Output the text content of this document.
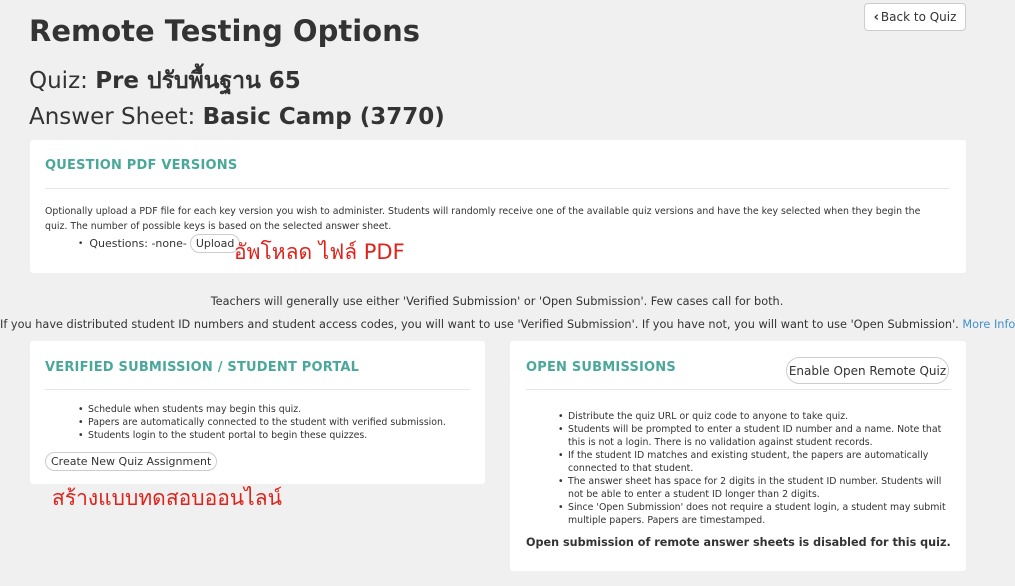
‹ Back to Quiz
Remote Testing Options
Quiz: Pre ปรับพื้นฐาน 65
Answer Sheet: Basic Camp (3770)
QUESTION PDF VERSIONS
Optionally upload a PDF file for each key version you wish to administer. Students will randomly receive one of the available quiz versions and have the key selected when they begin the quiz. The number of possible keys is based on the selected answer sheet.
• Questions: -none- Upload อัพโหลด ไฟล์ PDF
Teachers will generally use either 'Verified Submission' or 'Open Submission'. Few cases call for both.
If you have distributed student ID numbers and student access codes, you will want to use 'Verified Submission'. If you have not, you will want to use 'Open Submission'. More Info
VERIFIED SUBMISSION / STUDENT PORTAL
• Schedule when students may begin this quiz.
• Papers are automatically connected to the student with verified submission.
• Students login to the student portal to begin these quizzes.
Create New Quiz Assignment
สร้างแบบทดสอบออนไลน์
OPEN SUBMISSIONS	Enable Open Remote Quiz
• Distribute the quiz URL or quiz code to anyone to take quiz.
• Students will be prompted to enter a student ID number and a name. Note that this is not a login. There is no validation against student records.
• If the student ID matches and existing student, the papers are automatically connected to that student.
• The answer sheet has space for 2 digits in the student ID number. Students will not be able to enter a student ID longer than 2 digits.
• Since 'Open Submission' does not require a student login, a student may submit multiple papers. Papers are timestamped.
Open submission of remote answer sheets is disabled for this quiz.
